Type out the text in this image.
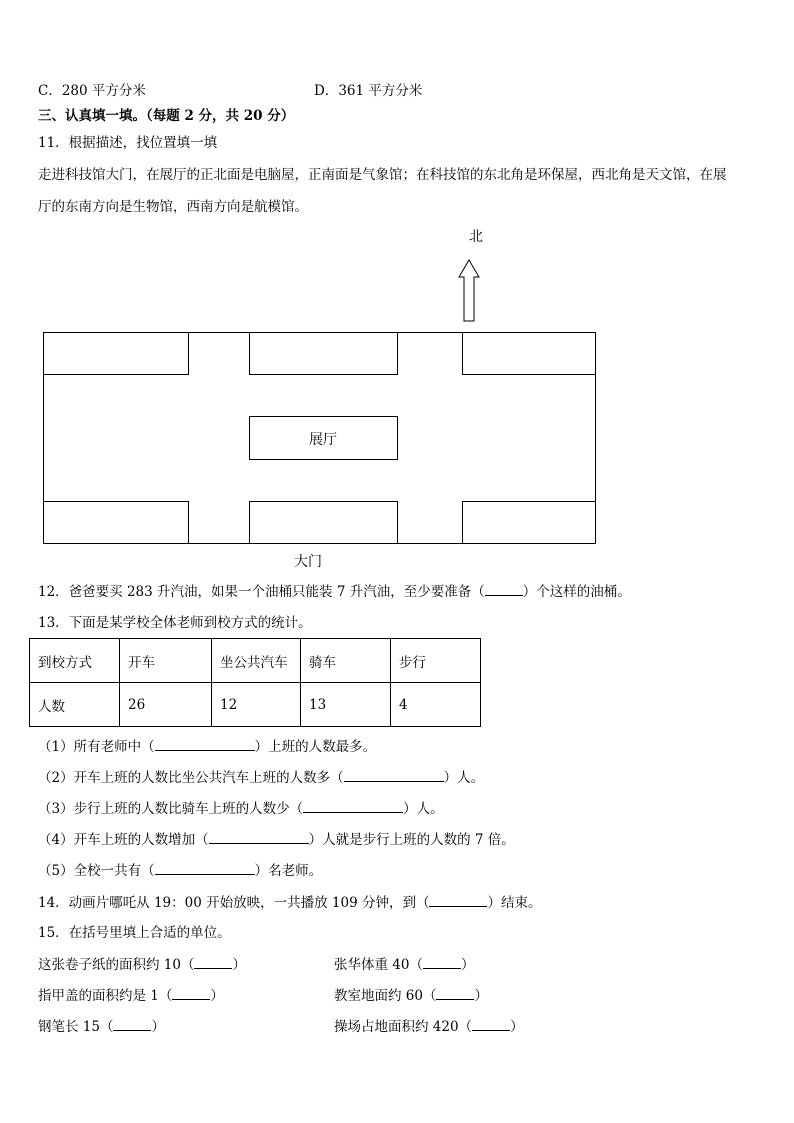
C．280 平方分米	D．361 平方分米
三、认真填一填。（每题 2 分，共 20 分）
11．根据描述，找位置填一填
走进科技馆大门，在展厅的正北面是电脑屋，正南面是气象馆；在科技馆的东北角是环保屋，西北角是天文馆，在展
厅的东南方向是生物馆，西南方向是航模馆。
北
展厅
大门
12．爸爸要买 283 升汽油，如果一个油桶只能装 7 升汽油，至少要准备（	）个这样的油桶。
13．下面是某学校全体老师到校方式的统计。
到校方式	开车	坐公共汽车	骑车	步行
人数	26	12	13	4
（1）所有老师中（	）上班的人数最多。
（2）开车上班的人数比坐公共汽车上班的人数多（	）人。
（3）步行上班的人数比骑车上班的人数少（	）人。
（4）开车上班的人数增加（	）人就是步行上班的人数的 7 倍。
（5）全校一共有（	）名老师。
14．动画片哪吒从 19：00 开始放映，一共播放 109 分钟，到（	）结束。
15．在括号里填上合适的单位。
这张卷子纸的面积约 10（	）	张华体重 40（	）
指甲盖的面积约是 1（	）	教室地面约 60（	）
钢笔长 15（	）	操场占地面积约 420（	）
